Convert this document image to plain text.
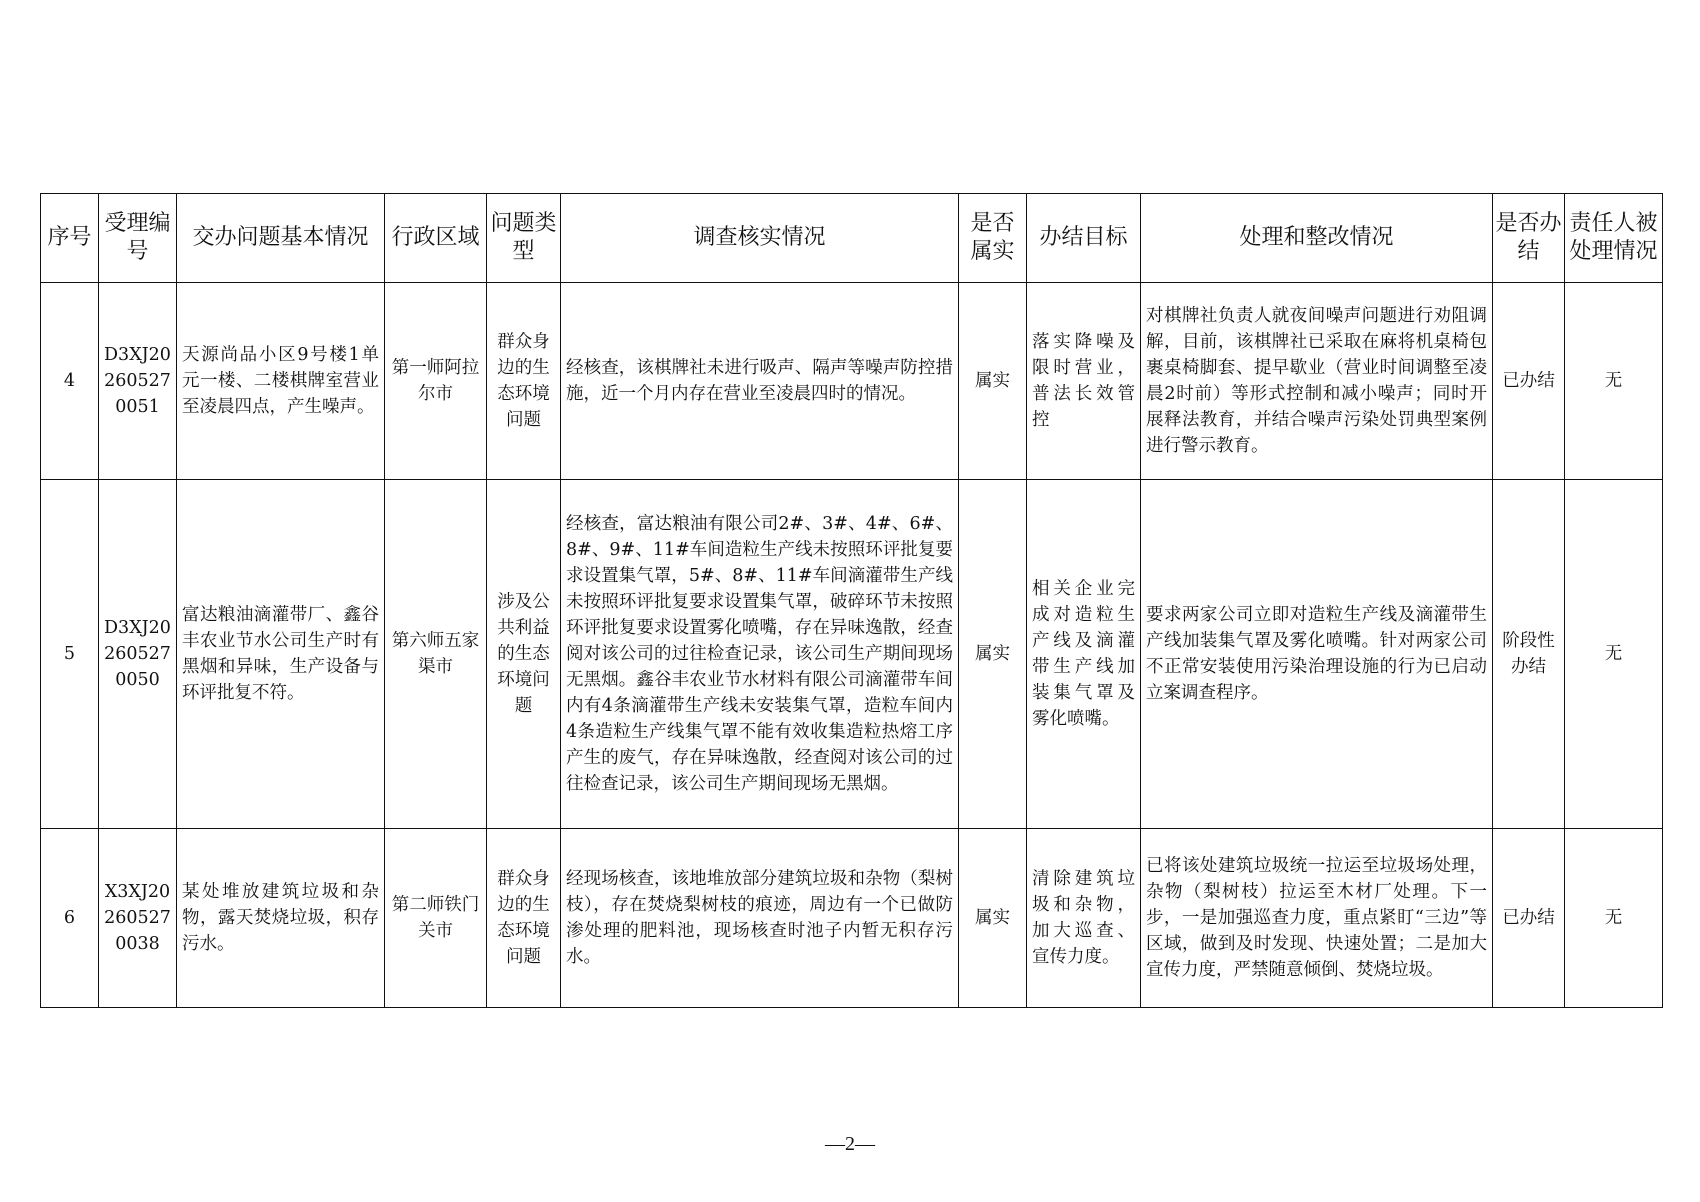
序号	受理编号	交办问题基本情况	行政区域	问题类型	调查核实情况	是否属实	办结目标	处理和整改情况	是否办结	责任人被处理情况
4	D3XJ202605270051	天源尚品小区9号楼1单元一楼、二楼棋牌室营业至凌晨四点，产生噪声。	第一师阿拉尔市	群众身边的生态环境问题	经核查，该棋牌社未进行吸声、隔声等噪声防控措施，近一个月内存在营业至凌晨四时的情况。	属实	落实降噪及限时营业，普法长效管控	对棋牌社负责人就夜间噪声问题进行劝阻调解，目前，该棋牌社已采取在麻将机桌椅包裹桌椅脚套、提早歇业（营业时间调整至凌晨2时前）等形式控制和减小噪声；同时开展释法教育，并结合噪声污染处罚典型案例进行警示教育。	已办结	无
5	D3XJ202605270050	富达粮油滴灌带厂、鑫谷丰农业节水公司生产时有黑烟和异味，生产设备与环评批复不符。	第六师五家渠市	涉及公共利益的生态环境问题	经核查，富达粮油有限公司2#、3#、4#、6#、8#、9#、11#车间造粒生产线未按照环评批复要求设置集气罩，5#、8#、11#车间滴灌带生产线未按照环评批复要求设置集气罩，破碎环节未按照环评批复要求设置雾化喷嘴，存在异味逸散，经查阅对该公司的过往检查记录，该公司生产期间现场无黑烟。鑫谷丰农业节水材料有限公司滴灌带车间内有4条滴灌带生产线未安装集气罩，造粒车间内4条造粒生产线集气罩不能有效收集造粒热熔工序产生的废气，存在异味逸散，经查阅对该公司的过往检查记录，该公司生产期间现场无黑烟。	属实	相关企业完成对造粒生产线及滴灌带生产线加装集气罩及雾化喷嘴。	要求两家公司立即对造粒生产线及滴灌带生产线加装集气罩及雾化喷嘴。针对两家公司不正常安装使用污染治理设施的行为已启动立案调查程序。	阶段性办结	无
6	X3XJ202605270038	某处堆放建筑垃圾和杂物，露天焚烧垃圾，积存污水。	第二师铁门关市	群众身边的生态环境问题	经现场核查，该地堆放部分建筑垃圾和杂物（梨树枝），存在焚烧梨树枝的痕迹，周边有一个已做防渗处理的肥料池，现场核查时池子内暂无积存污水。	属实	清除建筑垃圾和杂物，加大巡查、宣传力度。	已将该处建筑垃圾统一拉运至垃圾场处理，杂物（梨树枝）拉运至木材厂处理。下一步，一是加强巡查力度，重点紧盯“三边”等区域，做到及时发现、快速处置；二是加大宣传力度，严禁随意倾倒、焚烧垃圾。	已办结	无
—2—
